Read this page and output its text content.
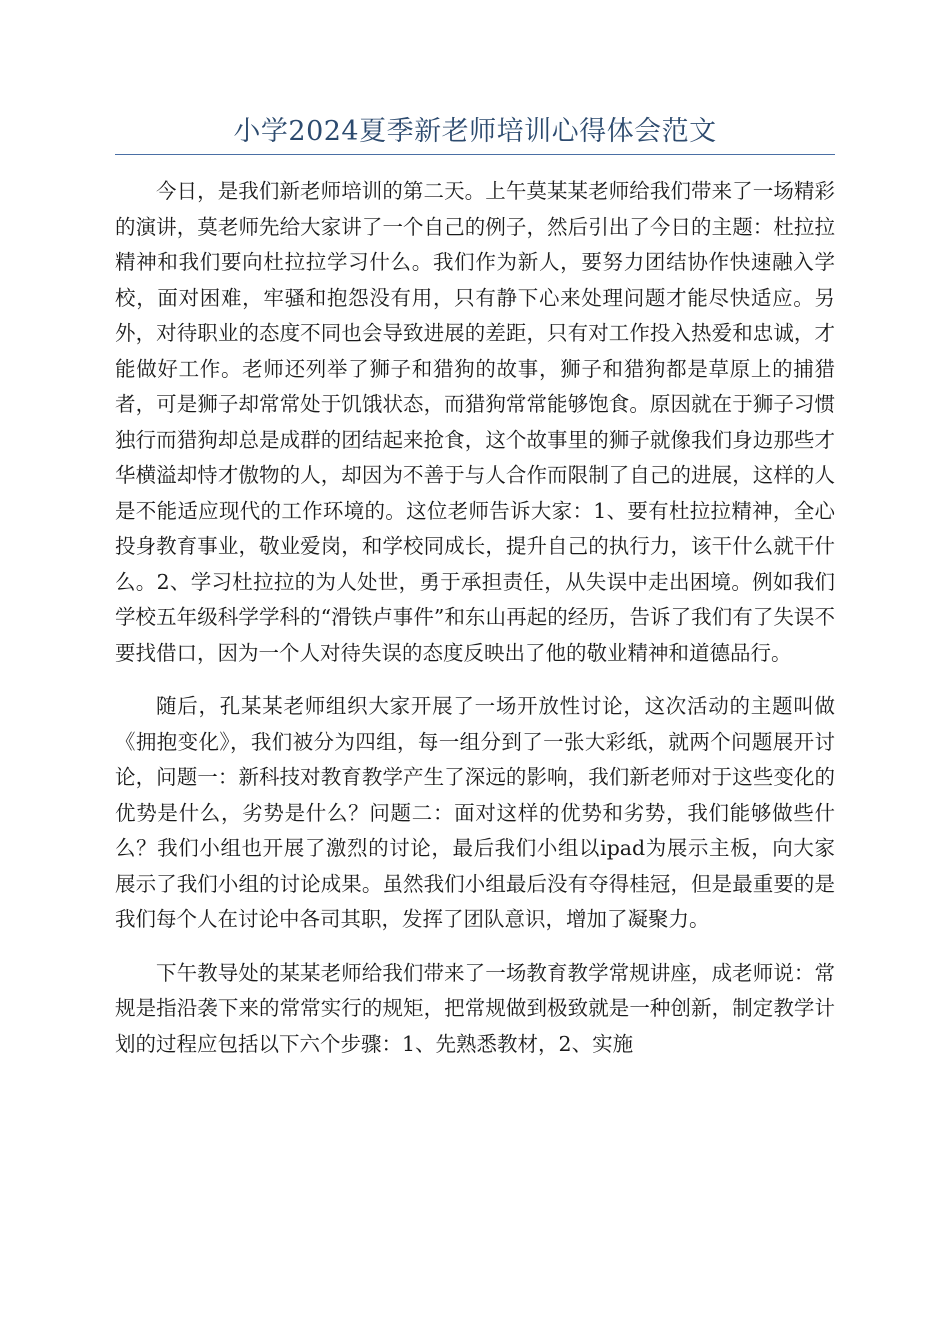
小学2024夏季新老师培训心得体会范文

今日，是我们新老师培训的第二天。上午莫某某老师给我们带来了一场精彩的演讲，莫老师先给大家讲了一个自己的例子，然后引出了今日的主题：杜拉拉精神和我们要向杜拉拉学习什么。我们作为新人，要努力团结协作快速融入学校，面对困难，牢骚和抱怨没有用，只有静下心来处理问题才能尽快适应。另外，对待职业的态度不同也会导致进展的差距，只有对工作投入热爱和忠诚，才能做好工作。老师还列举了狮子和猎狗的故事，狮子和猎狗都是草原上的捕猎者，可是狮子却常常处于饥饿状态，而猎狗常常能够饱食。原因就在于狮子习惯独行而猎狗却总是成群的团结起来抢食，这个故事里的狮子就像我们身边那些才华横溢却恃才傲物的人，却因为不善于与人合作而限制了自己的进展，这样的人是不能适应现代的工作环境的。这位老师告诉大家：1、要有杜拉拉精神，全心投身教育事业，敬业爱岗，和学校同成长，提升自己的执行力，该干什么就干什么。2、学习杜拉拉的为人处世，勇于承担责任，从失误中走出困境。例如我们学校五年级科学学科的“滑铁卢事件”和东山再起的经历，告诉了我们有了失误不要找借口，因为一个人对待失误的态度反映出了他的敬业精神和道德品行。

随后，孔某某老师组织大家开展了一场开放性讨论，这次活动的主题叫做《拥抱变化》，我们被分为四组，每一组分到了一张大彩纸，就两个问题展开讨论，问题一：新科技对教育教学产生了深远的影响，我们新老师对于这些变化的优势是什么，劣势是什么？问题二：面对这样的优势和劣势，我们能够做些什么？我们小组也开展了激烈的讨论，最后我们小组以ipad为展示主板，向大家展示了我们小组的讨论成果。虽然我们小组最后没有夺得桂冠，但是最重要的是我们每个人在讨论中各司其职，发挥了团队意识，增加了凝聚力。

下午教导处的某某老师给我们带来了一场教育教学常规讲座，成老师说：常规是指沿袭下来的常常实行的规矩，把常规做到极致就是一种创新，制定教学计划的过程应包括以下六个步骤：1、先熟悉教材，2、实施
